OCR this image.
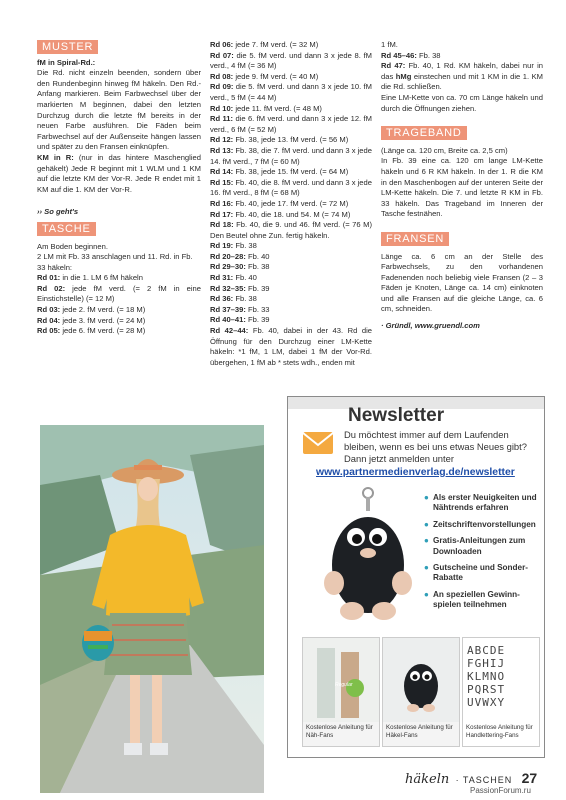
MUSTER

fM in Spiral-Rd.:

Die Rd. nicht einzeln beenden, sondern über den Rundenbeginn hinweg fM häkeln. Den Rd.-Anfang markieren. Beim Farbwechsel über der markierten M beginnen, dabei den letzten Durchzug durch die letzte fM bereits in der neuen Farbe ausführen. Die Fäden beim Farbwechsel auf der Außenseite hängen lassen und später zu den Fransen einknüpfen.

KM in R: (nur in das hintere Maschenglied gehäkelt) Jede R beginnt mit 1 WLM und 1 KM auf die letzte KM der Vor-R. Jede R endet mit 1 KM auf die 1. KM der Vor-R.

›› So geht's

TASCHE

Am Boden beginnen.

2 LM mit Fb. 33 anschlagen und 11. Rd. in Fb. 33 häkeln:

Rd 01: in die 1. LM 6 fM häkeln

Rd 02: jede fM verd. (= 2 fM in eine Einstichstelle) (= 12 M)

Rd 03: jede 2. fM verd. (= 18 M)

Rd 04: jede 3. fM verd. (= 24 M)

Rd 05: jede 6. fM verd. (= 28 M)

Rd 06: jede 7. fM verd. (= 32 M)

Rd 07: die 5. fM verd. und dann 3 x jede 8. fM verd., 4 fM (= 36 M)

Rd 08: jede 9. fM verd. (= 40 M)

Rd 09: die 5. fM verd. und dann 3 x jede 10. fM verd., 5 fM (= 44 M)

Rd 10: jede 11. fM verd. (= 48 M)

Rd 11: die 6. fM verd. und dann 3 x jede 12. fM verd., 6 fM (= 52 M)

Rd 12: Fb. 38, jede 13. fM verd. (= 56 M)

Rd 13: Fb. 38, die 7. fM verd. und dann 3 x jede 14. fM verd., 7 fM (= 60 M)

Rd 14: Fb. 38, jede 15. fM verd. (= 64 M)

Rd 15: Fb. 40, die 8. fM verd. und dann 3 x jede 16. fM verd., 8 fM (= 68 M)

Rd 16: Fb. 40, jede 17. fM verd. (= 72 M)

Rd 17: Fb. 40, die 18. und 54. M (= 74 M)

Rd 18: Fb. 40, die 9. und 46. fM verd. (= 76 M) Den Beutel ohne Zun. fertig häkeln.

Rd 19: Fb. 38

Rd 20–28: Fb. 40

Rd 29–30: Fb. 38

Rd 31: Fb. 40

Rd 32–35: Fb. 39

Rd 36: Fb. 38

Rd 37–39: Fb. 33

Rd 40–41: Fb. 39

Rd 42–44: Fb. 40, dabei in der 43. Rd die Öffnung für den Durchzug einer LM-Kette häkeln: *1 fM, 1 LM, dabei 1 fM der Vor-Rd. übergehen, 1 fM ab * stets wdh., enden mit

1 fM.

Rd 45–46: Fb. 38

Rd 47: Fb. 40, 1 Rd. KM häkeln, dabei nur in das hMg einstechen und mit 1 KM in die 1. KM die Rd. schließen.

Eine LM-Kette von ca. 70 cm Länge häkeln und durch die Öffnungen ziehen.

TRAGEBAND

(Länge ca. 120 cm, Breite ca. 2,5 cm)

In Fb. 39 eine ca. 120 cm lange LM-Kette häkeln und 6 R KM häkeln. In der 1. R die KM in den Maschenbogen auf der unteren Seite der LM-Kette häkeln. Die 7. und letzte R KM in Fb. 33 häkeln. Das Trageband im Inneren der Tasche festnähen.

FRANSEN

Länge ca. 6 cm an der Stelle des Farbwechsels, zu den vorhandenen Fadenenden noch beliebig viele Fransen (2 – 3 Fäden je Knoten, Länge ca. 14 cm) einknoten und alle Fransen auf die gleiche Länge, ca. 6 cm, schneiden.

· Gründl, www.gruendl.com

Newsletter
Du möchtest immer auf dem Laufenden bleiben, wenn es bei uns etwas Neues gibt? Dann jetzt anmelden unter
www.partnermedienverlag.de/newsletter
● Als erster Neuigkeiten und Nähtrends erfahren
● Zeitschriftenvorstellungen
● Gratis-Anleitungen zum Downloaden
● Gutscheine und Sonder-Rabatte
● An speziellen Gewinn-spielen teilnehmen
Regular
Kostenlose Anleitung für Näh-Fans
Kostenlose Anleitung für Häkel-Fans
ABCDE
FGHIJ
KLMNO
PQRST
UVWXY
Kostenlose Anleitung für Handlettering-Fans
häkeln · TASCHEN 27
PassionForum.ru
